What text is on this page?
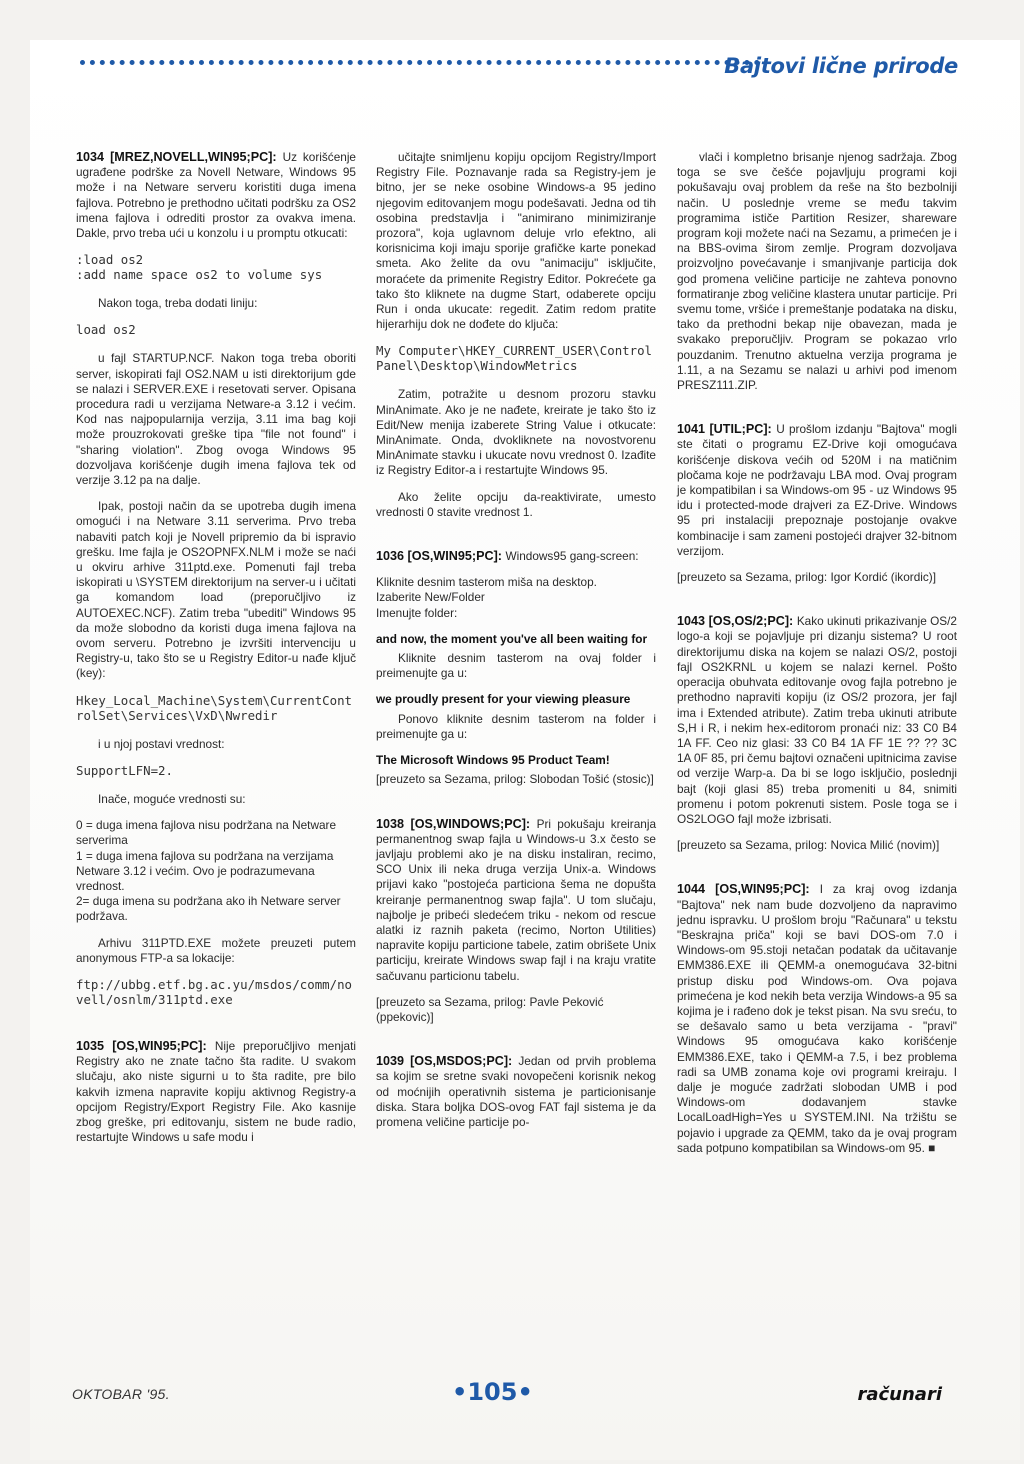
Bajtovi lične prirode

1034 [MREZ,NOVELL,WIN95;PC]: Uz korišćenje ugrađene podrške za Novell Netware, Windows 95 može i na Netware serveru koristiti duga imena fajlova. Potrebno je prethodno učitati podršku za OS2 imena fajlova i odrediti prostor za ovakva imena. Dakle, prvo treba ući u konzolu i u promptu otkucati:

:load os2
:add name space os2 to volume sys

Nakon toga, treba dodati liniju:

load os2

u fajl STARTUP.NCF. Nakon toga treba oboriti server, iskopirati fajl OS2.NAM u isti direktorijum gde se nalazi i SERVER.EXE i resetovati server. Opisana procedura radi u verzijama Netware-a 3.12 i većim. Kod nas najpopularnija verzija, 3.11 ima bag koji može prouzrokovati greške tipa "file not found" i "sharing violation". Zbog ovoga Windows 95 dozvoljava korišćenje dugih imena fajlova tek od verzije 3.12 pa na dalje.

Ipak, postoji način da se upotreba dugih imena omogući i na Netware 3.11 serverima. Prvo treba nabaviti patch koji je Novell pripremio da bi ispravio grešku. Ime fajla je OS2OPNFX.NLM i može se naći u okviru arhive 311ptd.exe. Pomenuti fajl treba iskopirati u \SYSTEM direktorijum na server-u i učitati ga komandom load (preporučljivo iz AUTOEXEC.NCF). Zatim treba "ubediti" Windows 95 da može slobodno da koristi duga imena fajlova na ovom serveru. Potrebno je izvršiti intervenciju u Registry-u, tako što se u Registry Editor-u nađe ključ (key):

Hkey_Local_Machine\System\CurrentControlSet\Services\VxD\Nwredir

i u njoj postavi vrednost:

SupportLFN=2.

Inače, moguće vrednosti su:

0 = duga imena fajlova nisu podržana na Netware serverima
1 = duga imena fajlova su podržana na verzijama Netware 3.12 i većim. Ovo je podrazumevana vrednost.
2= duga imena su podržana ako ih Netware server podržava.

Arhivu 311PTD.EXE možete preuzeti putem anonymous FTP-a sa lokacije:

ftp://ubbg.etf.bg.ac.yu/msdos/comm/novell/osnlm/311ptd.exe

1035 [OS,WIN95;PC]: Nije preporučljivo menjati Registry ako ne znate tačno šta radite. U svakom slučaju, ako niste sigurni u to šta radite, pre bilo kakvih izmena napravite kopiju aktivnog Registry-a opcijom Registry/Export Registry File. Ako kasnije zbog greške, pri editovanju, sistem ne bude radio, restartujte Windows u safe modu i

učitajte snimljenu kopiju opcijom Registry/Import Registry File. Poznavanje rada sa Registry-jem je bitno, jer se neke osobine Windows-a 95 jedino njegovim editovanjem mogu podešavati. Jedna od tih osobina predstavlja i "animirano minimiziranje prozora", koja uglavnom deluje vrlo efektno, ali korisnicima koji imaju sporije grafičke karte ponekad smeta. Ako želite da ovu "animaciju" isključite, moraćete da primenite Registry Editor. Pokrećete ga tako što kliknete na dugme Start, odaberete opciju Run i onda ukucate: regedit. Zatim redom pratite hijerarhiju dok ne dođete do ključa:

My Computer\HKEY_CURRENT_USER\Control Panel\Desktop\WindowMetrics

Zatim, potražite u desnom prozoru stavku MinAnimate. Ako je ne nađete, kreirate je tako što iz Edit/New menija izaberete String Value i otkucate: MinAnimate. Onda, dvokliknete na novostvorenu MinAnimate stavku i ukucate novu vrednost 0. Izađite iz Registry Editor-a i restartujte Windows 95.

Ako želite opciju da-reaktivirate, umesto vrednosti 0 stavite vrednost 1.

1036 [OS,WIN95;PC]: Windows95 gang-screen:

Kliknite desnim tasterom miša na desktop.
Izaberite New/Folder
Imenujte folder:

and now, the moment you've all been waiting for

Kliknite desnim tasterom na ovaj folder i preimenujte ga u:

we proudly present for your viewing pleasure

Ponovo kliknite desnim tasterom na folder i preimenujte ga u:

The Microsoft Windows 95 Product Team!

[preuzeto sa Sezama, prilog: Slobodan Tošić (stosic)]

1038 [OS,WINDOWS;PC]: Pri pokušaju kreiranja permanentnog swap fajla u Windows-u 3.x često se javljaju problemi ako je na disku instaliran, recimo, SCO Unix ili neka druga verzija Unix-a. Windows prijavi kako "postojeća particiona šema ne dopušta kreiranje permanentnog swap fajla". U tom slučaju, najbolje je pribeći sledećem triku - nekom od rescue alatki iz raznih paketa (recimo, Norton Utilities) napravite kopiju particione tabele, zatim obrišete Unix particiju, kreirate Windows swap fajl i na kraju vratite sačuvanu particionu tabelu.

[preuzeto sa Sezama, prilog: Pavle Peković (ppekovic)]

1039 [OS,MSDOS;PC]: Jedan od prvih problema sa kojim se sretne svaki novopečeni korisnik nekog od moćnijih operativnih sistema je particionisanje diska. Stara boljka DOS-ovog FAT fajl sistema je da promena veličine particije po-

vlači i kompletno brisanje njenog sadržaja. Zbog toga se sve češće pojavljuju programi koji pokušavaju ovaj problem da reše na što bezbolniji način. U poslednje vreme se među takvim programima ističe Partition Resizer, shareware program koji možete naći na Sezamu, a primećen je i na BBS-ovima širom zemlje. Program dozvoljava proizvoljno povećavanje i smanjivanje particija dok god promena veličine particije ne zahteva ponovno formatiranje zbog veličine klastera unutar particije. Pri svemu tome, vršiće i premeštanje podataka na disku, tako da prethodni bekap nije obavezan, mada je svakako preporučljiv. Program se pokazao vrlo pouzdanim. Trenutno aktuelna verzija programa je 1.11, a na Sezamu se nalazi u arhivi pod imenom PRESZ111.ZIP.

1041 [UTIL;PC]: U prošlom izdanju "Bajtova" mogli ste čitati o programu EZ-Drive koji omogućava korišćenje diskova većih od 520M i na matičnim pločama koje ne podržavaju LBA mod. Ovaj program je kompatibilan i sa Windows-om 95 - uz Windows 95 idu i protected-mode drajveri za EZ-Drive. Windows 95 pri instalaciji prepoznaje postojanje ovakve kombinacije i sam zameni postojeći drajver 32-bitnom verzijom.

[preuzeto sa Sezama, prilog: Igor Kordić (ikordic)]

1043 [OS,OS/2;PC]: Kako ukinuti prikazivanje OS/2 logo-a koji se pojavljuje pri dizanju sistema? U root direktorijumu diska na kojem se nalazi OS/2, postoji fajl OS2KRNL u kojem se nalazi kernel. Pošto operacija obuhvata editovanje ovog fajla potrebno je prethodno napraviti kopiju (iz OS/2 prozora, jer fajl ima i Extended atribute). Zatim treba ukinuti atribute S,H i R, i nekim hex-editorom pronaći niz: 33 C0 B4 1A FF. Ceo niz glasi: 33 C0 B4 1A FF 1E ?? ?? 3C 1A 0F 85, pri čemu bajtovi označeni upitnicima zavise od verzije Warp-a. Da bi se logo isključio, poslednji bajt (koji glasi 85) treba promeniti u 84, snimiti promenu i potom pokrenuti sistem. Posle toga se i OS2LOGO fajl može izbrisati.

[preuzeto sa Sezama, prilog: Novica Milić (novim)]

1044 [OS,WIN95;PC]: I za kraj ovog izdanja "Bajtova" nek nam bude dozvoljeno da napravimo jednu ispravku. U prošlom broju "Računara" u tekstu "Beskrajna priča" koji se bavi DOS-om 7.0 i Windows-om 95.stoji netačan podatak da učitavanje EMM386.EXE ili QEMM-a onemogućava 32-bitni pristup disku pod Windows-om. Ova pojava primećena je kod nekih beta verzija Windows-a 95 sa kojima je i rađeno dok je tekst pisan. Na svu sreću, to se dešavalo samo u beta verzijama - "pravi" Windows 95 omogućava kako korišćenje EMM386.EXE, tako i QEMM-a 7.5, i bez problema radi sa UMB zonama koje ovi programi kreiraju. I dalje je moguće zadržati slobodan UMB i pod Windows-om dodavanjem stavke LocalLoadHigh=Yes u SYSTEM.INI. Na tržištu se pojavio i upgrade za QEMM, tako da je ovaj program sada potpuno kompatibilan sa Windows-om 95. ■

OKTOBAR '95.	•105•	računari
